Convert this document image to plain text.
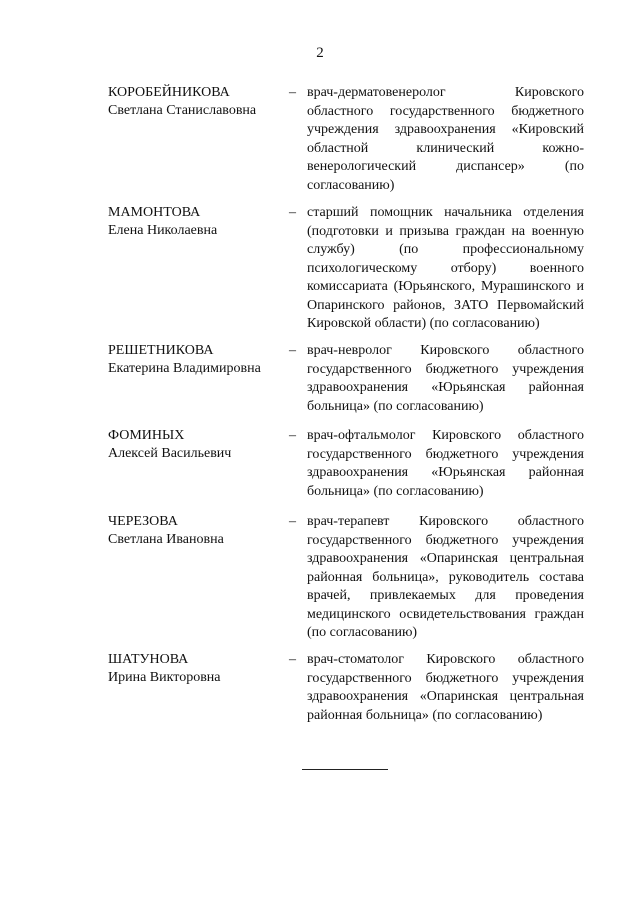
2
КОРОБЕЙНИКОВА
Светлана Станиславовна
– врач-дерматовенеролог Кировского областного государственного бюджетного учреждения здравоохранения «Кировский областной клинический кожно-венерологический диспансер» (по согласованию)
МАМОНТОВА
Елена Николаевна
– старший помощник начальника отделения (подготовки и призыва граждан на военную службу) (по профессиональному психологическому отбору) военного комиссариата (Юрьянского, Мурашинского и Опаринского районов, ЗАТО Первомайский Кировской области) (по согласованию)
РЕШЕТНИКОВА
Екатерина Владимировна
– врач-невролог Кировского областного государственного бюджетного учреждения здравоохранения «Юрьянская районная больница» (по согласованию)
ФОМИНЫХ
Алексей Васильевич
– врач-офтальмолог Кировского областного государственного бюджетного учреждения здравоохранения «Юрьянская районная больница» (по согласованию)
ЧЕРЕЗОВА
Светлана Ивановна
– врач-терапевт Кировского областного государственного бюджетного учреждения здравоохранения «Опаринская центральная районная больница», руководитель состава врачей, привлекаемых для проведения медицинского освидетельствования граждан (по согласованию)
ШАТУНОВА
Ирина Викторовна
– врач-стоматолог Кировского областного государственного бюджетного учреждения здравоохранения «Опаринская центральная районная больница» (по согласованию)
